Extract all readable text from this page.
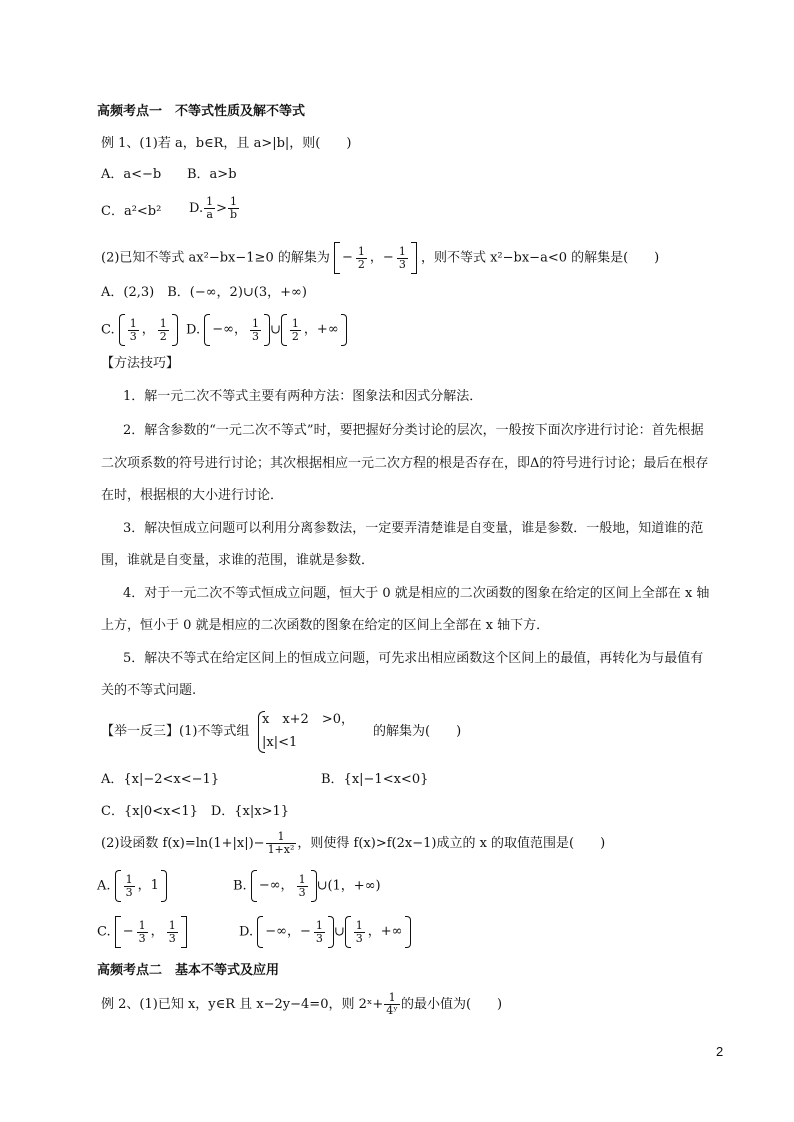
高频考点一　不等式性质及解不等式
例 1、(1)若 a，b∈R，且 a>|b|，则(　　)
A．a<−b B．a>b
C．a²<b² D. $\frac{1}{a} > \frac{1}{b}$
(2)已知不等式 ax²−bx−1≥0 的解集为 − $\frac{1}{2}$ ，− $\frac{1}{3}$ ，则不等式 x²−bx−a<0 的解集是(　　)
A．(2,3)　B．(−∞，2)∪(3，+∞)
C. $\frac{1}{3}$ ， $\frac{1}{2} D$. −∞， $\frac{1}{3}$ ∪ $\frac{1}{2}$ ，+∞
【方法技巧】
1．解一元二次不等式主要有两种方法：图象法和因式分解法．
2．解含参数的“一元二次不等式”时，要把握好分类讨论的层次，一般按下面次序进行讨论：首先根据
二次项系数的符号进行讨论；其次根据相应一元二次方程的根是否存在，即Δ的符号进行讨论；最后在根存
在时，根据根的大小进行讨论．
3．解决恒成立问题可以利用分离参数法，一定要弄清楚谁是自变量，谁是参数．一般地，知道谁的范
围，谁就是自变量，求谁的范围，谁就是参数．
4．对于一元二次不等式恒成立问题，恒大于 0 就是相应的二次函数的图象在给定的区间上全部在 x 轴
上方，恒小于 0 就是相应的二次函数的图象在给定的区间上全部在 x 轴下方．
5．解决不等式在给定区间上的恒成立问题，可先求出相应函数这个区间上的最值，再转化为与最值有
关的不等式问题.
【举一反三】(1)不等式组
x　x+2　>0，
|x|<1
的解集为(　　)
A．{x|−2<x<−1}	B．{x|−1<x<0}
C．{x|0<x<1}　D．{x|x>1}
(2)设函数 $f(x)=\ln(1+|x|)- \frac{1}{\text{1+x²}}$ ，则使得 f(x)>f(2x−1)成立的 x 的取值范围是(　　)
A. $\frac{1}{3}$ ，1	B. −∞， $\frac{1}{3}$ ∪(1，+∞)
C. − $\frac{1}{3}$ ， $\frac{1}{3}$	D. −∞，− $\frac{1}{3}$ ∪ $\frac{1}{3}$ ，+∞
高频考点二　基本不等式及应用
例 2、(1)已知 x，y∈R 且 x−2y−4=0，则 2ˣ+ $\frac{1}{\text{4ʸ}}$ 的最小值为(　　)
2
